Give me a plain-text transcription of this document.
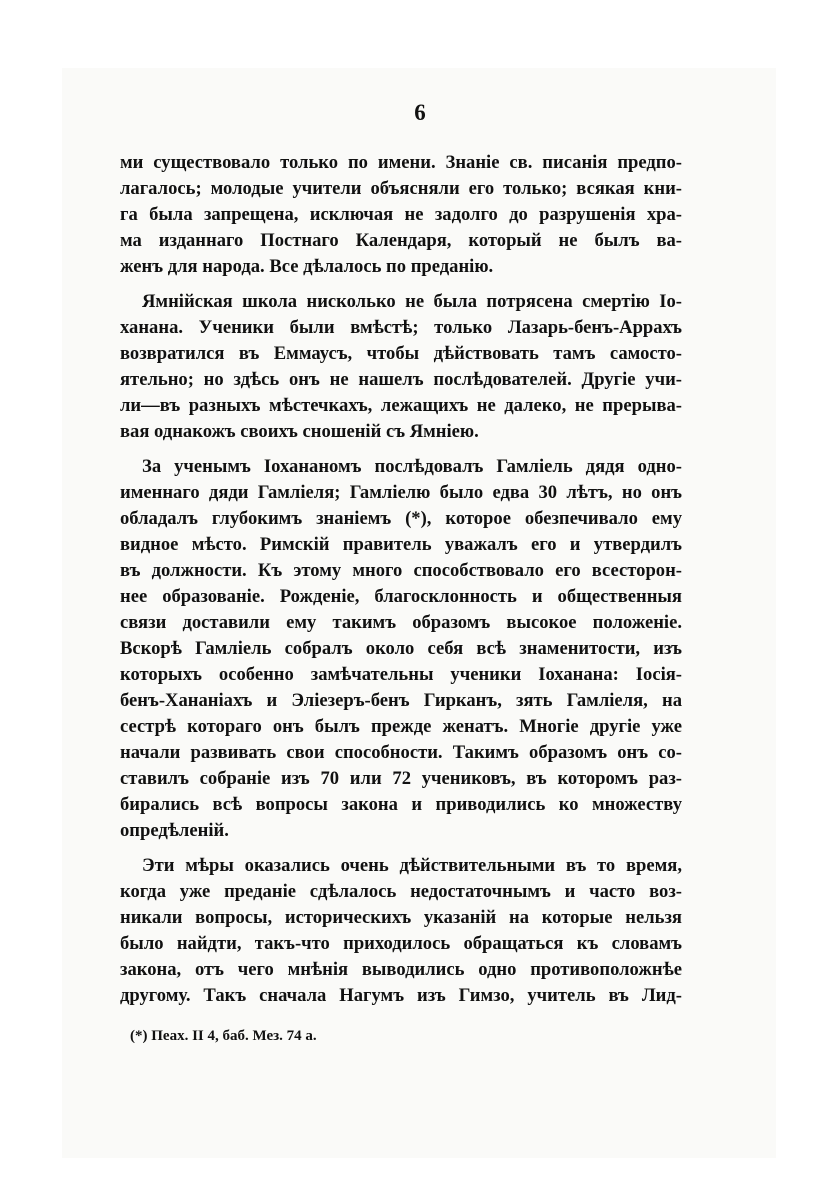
6
ми существовало только по имени. Знаніе св. писанія предпо-
лагалось; молодые учители объясняли его только; всякая кни-
га была запрещена, исключая не задолго до разрушенія хра-
ма изданнаго Постнаго Календаря, который не былъ ва-
женъ для народа. Все дѣлалось по преданію.
Ямнійская школа нисколько не была потрясена смертію Іо-
ханана. Ученики были вмѣстѣ; только Лазарь-бенъ-Аррахъ
возвратился въ Еммаусъ, чтобы дѣйствовать тамъ самосто-
ятельно; но здѣсь онъ не нашелъ послѣдователей. Другіе учи-
ли—въ разныхъ мѣстечкахъ, лежащихъ не далеко, не прерыва-
вая однакожъ своихъ сношеній съ Ямніею.
За ученымъ Іохананомъ послѣдовалъ Гамліель дядя одно-
именнаго дяди Гамліеля; Гамліелю было едва 30 лѣтъ, но онъ
обладалъ глубокимъ знаніемъ (*), которое обезпечивало ему
видное мѣсто. Римскій правитель уважалъ его и утвердилъ
въ должности. Къ этому много способствовало его всесторон-
нее образованіе. Рожденіе, благосклонность и общественныя
связи доставили ему такимъ образомъ высокое положеніе.
Вскорѣ Гамліель собралъ около себя всѣ знаменитости, изъ
которыхъ особенно замѣчательны ученики Іоханана: Іосія-
бенъ-Хананіахъ и Эліезеръ-бенъ Гирканъ, зять Гамліеля, на
сестрѣ котораго онъ былъ прежде женатъ. Многіе другіе уже
начали развивать свои способности. Такимъ образомъ онъ со-
ставилъ собраніе изъ 70 или 72 учениковъ, въ которомъ раз-
бирались всѣ вопросы закона и приводились ко множеству
опредѣленій.
Эти мѣры оказались очень дѣйствительными въ то время,
когда уже преданіе сдѣлалось недостаточнымъ и часто воз-
никали вопросы, историческихъ указаній на которые нельзя
было найдти, такъ-что приходилось обращаться къ словамъ
закона, отъ чего мнѣнія выводились одно противоположнѣе
другому. Такъ сначала Нагумъ изъ Гимзо, учитель въ Лид-
(*) Пеах. II 4, баб. Мез. 74 а.
